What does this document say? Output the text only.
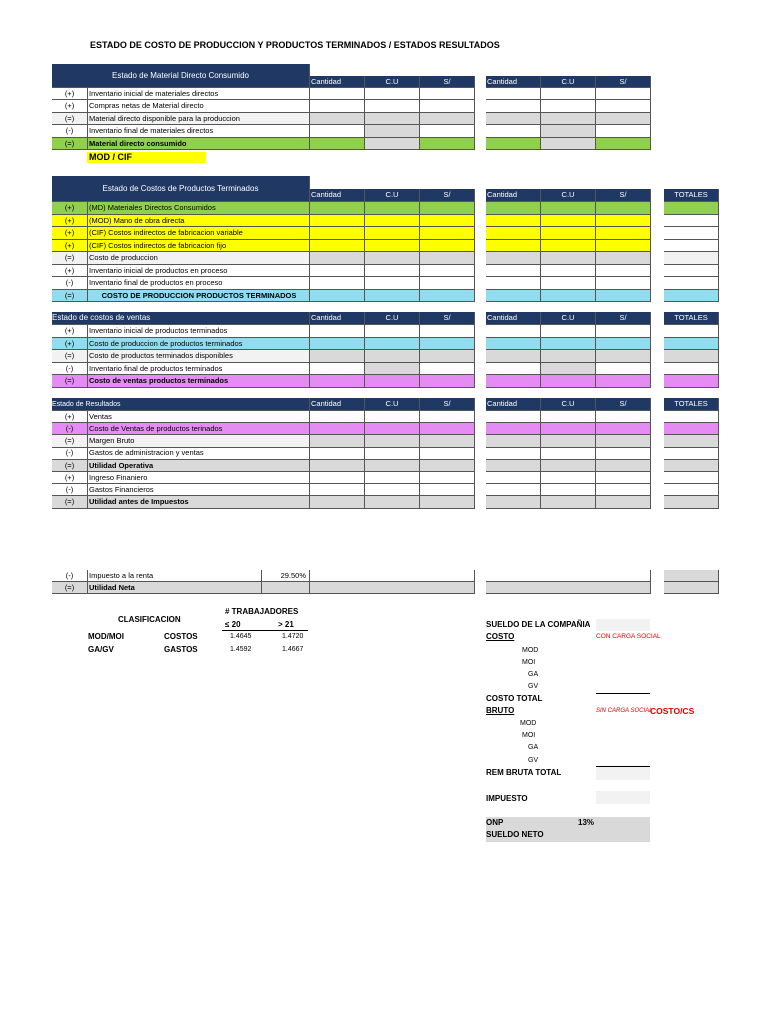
ESTADO DE COSTO DE PRODUCCION Y PRODUCTOS TERMINADOS / ESTADOS RESULTADOS
Estado de Material Directo Consumido
Cantidad	C.U	S/	Cantidad	C.U	S/
(+)	Inventario inicial de materiales directos
(+)	Compras netas de Material directo
(=)	Material directo disponible para la produccion
(-)	Inventario final de materiales directos
(=)	Material directo consumido
MOD / CIF
Estado de Costos de Productos Terminados
Cantidad	C.U	S/	Cantidad	C.U	S/	TOTALES
(+)	(MD) Materiales Directos Consumidos
(+)	(MOD) Mano de obra directa
(+)	(CIF) Costos indirectos de fabricacion variable
(+)	(CIF) Costos indirectos de fabricacion fijo
(=)	Costo de produccion
(+)	Inventario inicial de productos en proceso
(-)	Inventario final de productos en proceso
(=)	COSTO DE PRODUCCION PRODUCTOS TERMINADOS
Estado de costos de ventas	Cantidad	C.U	S/	Cantidad	C.U	S/	TOTALES
(+)	Inventario inicial de productos terminados
(+)	Costo de produccion de productos terminados
(=)	Costo de productos terminados disponibles
(-)	Inventario final de productos terminados
(=)	Costo de ventas productos terminados
Estado de Resultados	Cantidad	C.U	S/	Cantidad	C.U	S/	TOTALES
(+)	Ventas
(-)	Costo de Ventas de productos terinados
(=)	Margen Bruto
(-)	Gastos de administracion y ventas
(=)	Utilidad Operativa
(+)	Ingreso Finaniero
(-)	Gastos Financieros
(=)	Utilidad antes de Impuestos
(-)	Impuesto a la renta	29.50%
(=)	Utilidad Neta
CLASIFICACION
# TRABAJADORES
≤ 20	> 21
MOD/MOI	COSTOS	1.4645	1.4720
GA/GV	GASTOS	1.4592	1.4667
SUELDO DE LA COMPAÑIA
COSTO	CON CARGA SOCIAL
MOD
MOI
GA
GV
COSTO TOTAL
BRUTO	SIN CARGA SOCIAL
COSTO/CS
MOD
MOI
GA
GV
REM BRUTA TOTAL
IMPUESTO
ONP	13%
SUELDO NETO
